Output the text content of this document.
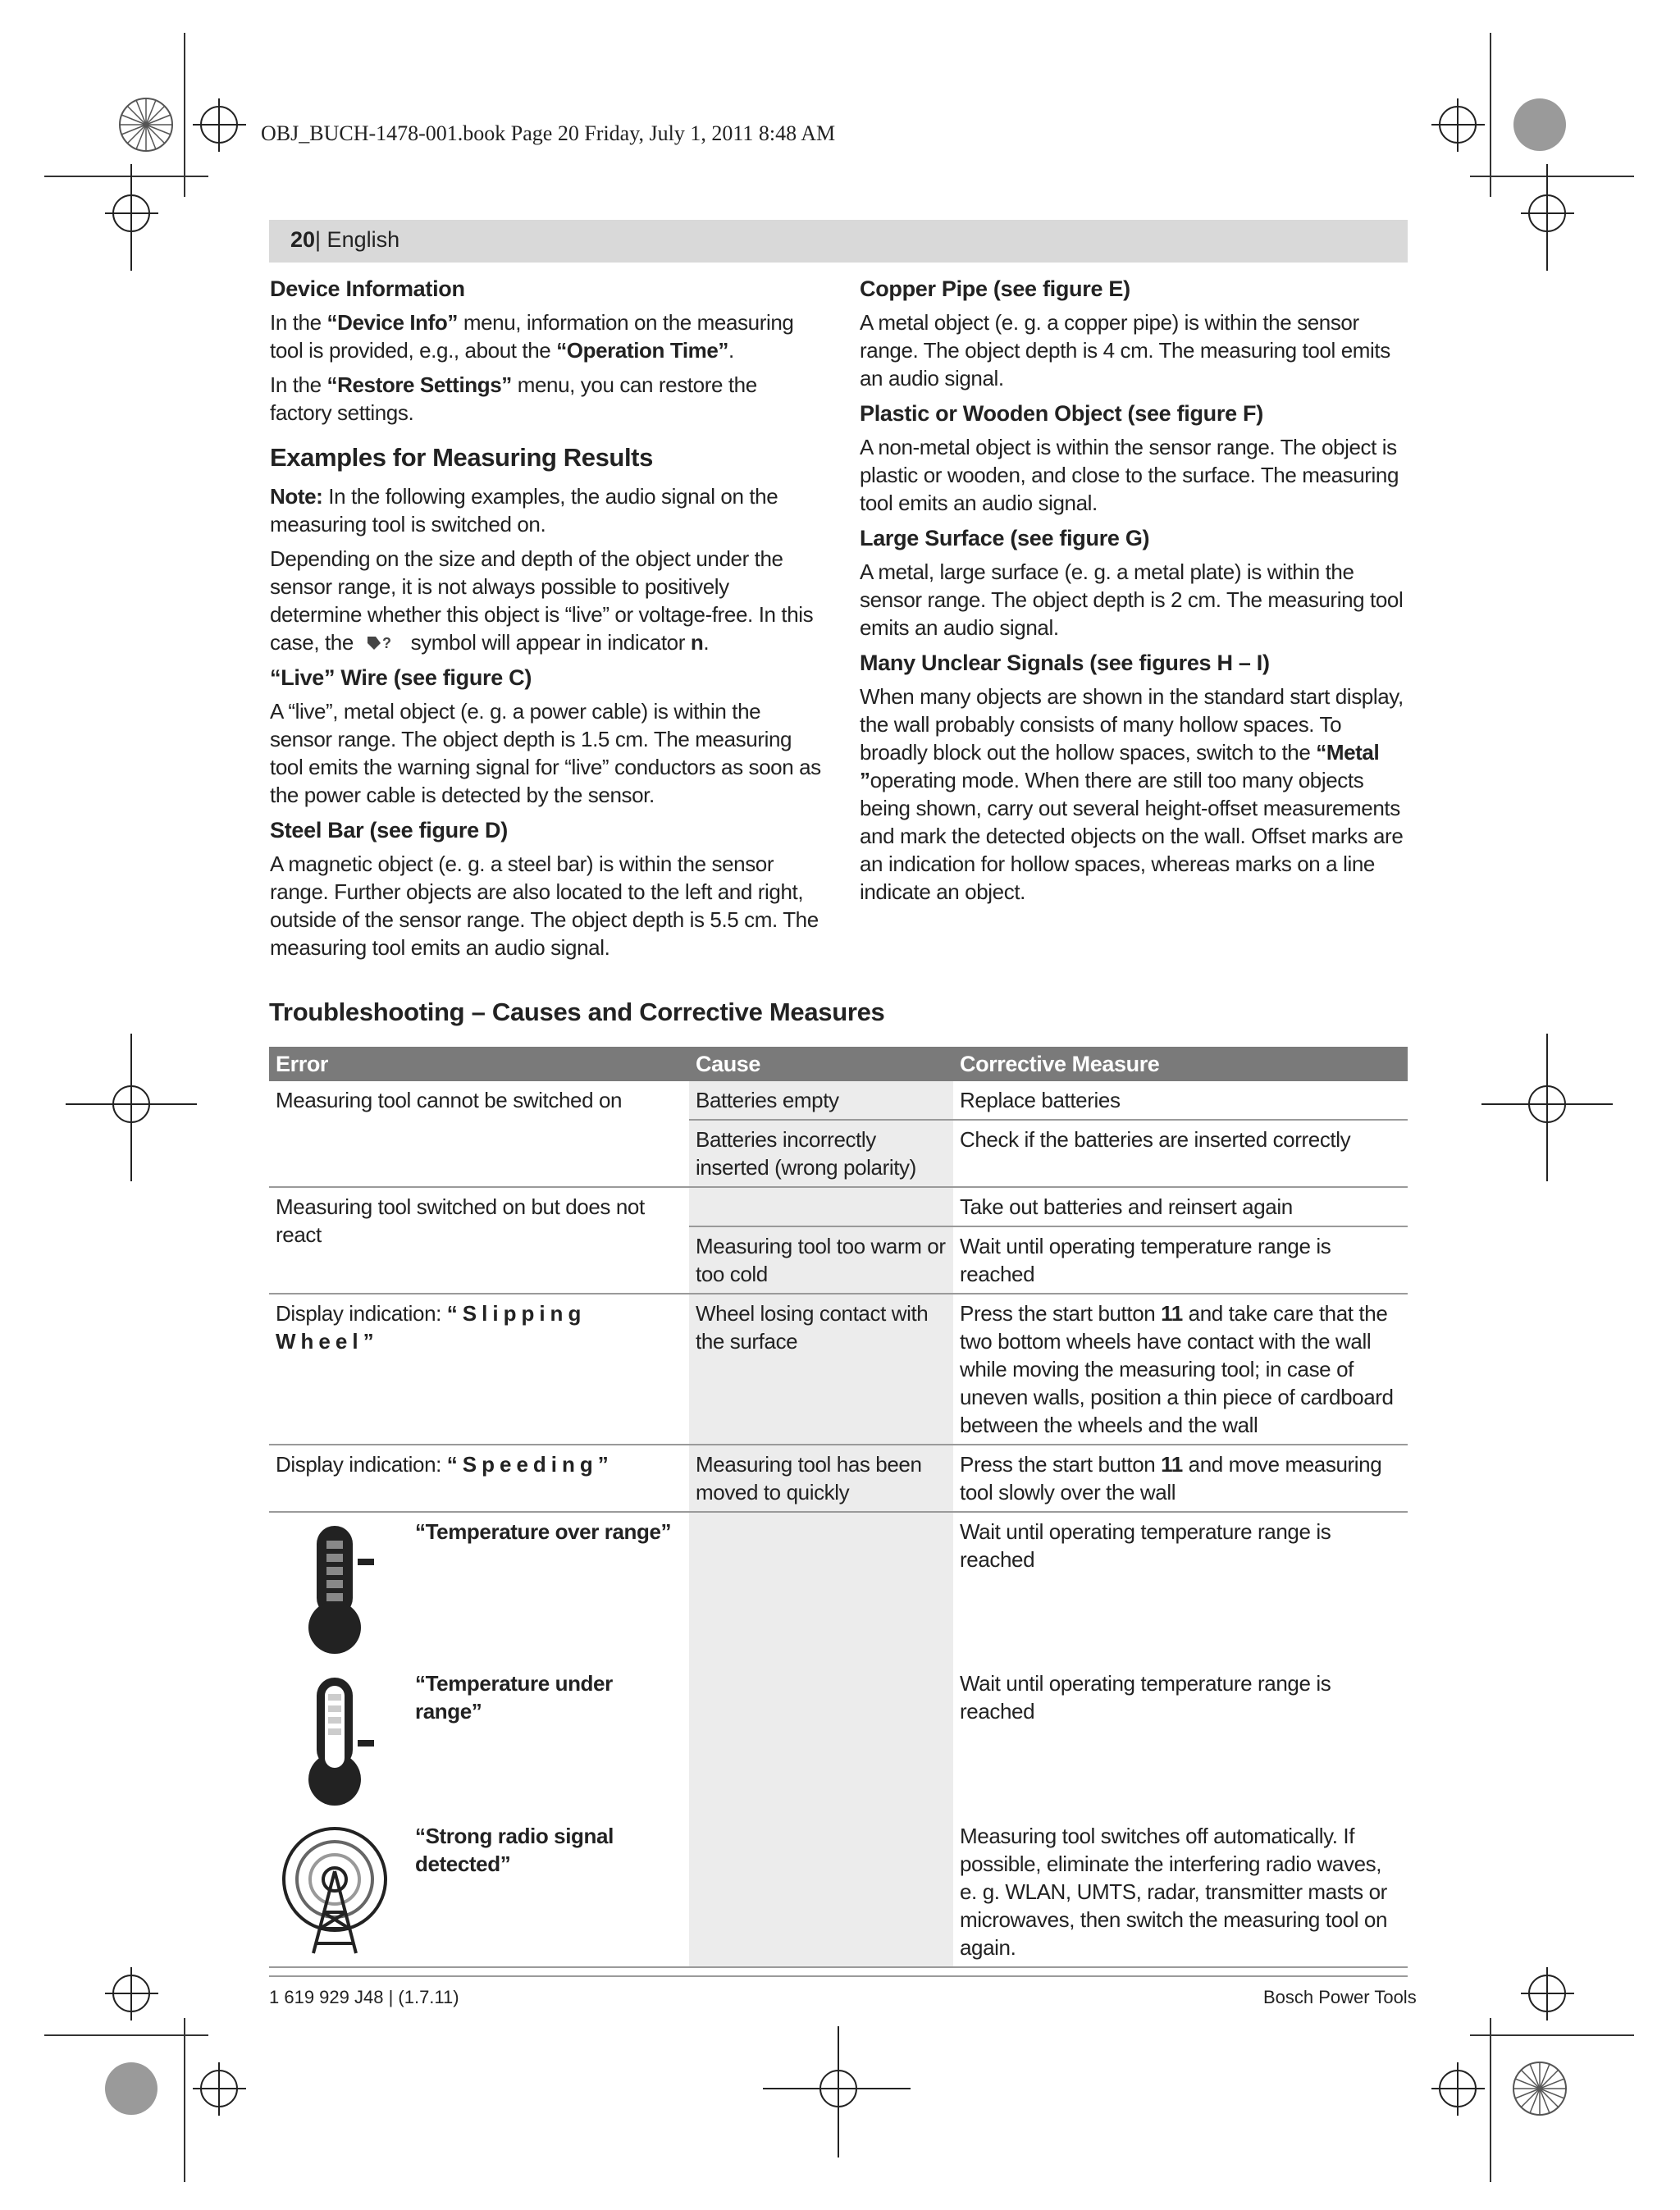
OBJ_BUCH-1478-001.book Page 20 Friday, July 1, 2011 8:48 AM
20| English
Device Information

In the “Device Info” menu, information on the measuring tool is provided, e.g., about the “Operation Time”.

In the “Restore Settings” menu, you can restore the factory settings.

Examples for Measuring Results

Note: In the following examples, the audio signal on the measuring tool is switched on.

Depending on the size and depth of the object under the sensor range, it is not always possible to positively determine whether this object is “live” or voltage-free. In this case, the ? symbol will appear in indicator n.

“Live” Wire (see figure C)

A “live”, metal object (e. g. a power cable) is within the sensor range. The object depth is 1.5 cm. The measuring tool emits the warning signal for “live” conductors as soon as the power cable is detected by the sensor.

Steel Bar (see figure D)

A magnetic object (e. g. a steel bar) is within the sensor range. Further objects are also located to the left and right, outside of the sensor range. The object depth is 5.5 cm. The measuring tool emits an audio signal.

Copper Pipe (see figure E)

A metal object (e. g. a copper pipe) is within the sensor range. The object depth is 4 cm. The measuring tool emits an audio signal.

Plastic or Wooden Object (see figure F)

A non-metal object is within the sensor range. The object is plastic or wooden, and close to the surface. The measuring tool emits an audio signal.

Large Surface (see figure G)

A metal, large surface (e. g. a metal plate) is within the sensor range. The object depth is 2 cm. The measuring tool emits an audio signal.

Many Unclear Signals (see figures H – I)

When many objects are shown in the standard start display, the wall probably consists of many hollow spaces. To broadly block out the hollow spaces, switch to the “Metal ”operating mode. When there are still too many objects being shown, carry out several height-offset measurements and mark the detected objects on the wall. Offset marks are an indication for hollow spaces, whereas marks on a line indicate an object.

Troubleshooting – Causes and Corrective Measures
Error	Cause	Corrective Measure
Measuring tool cannot be switched on	Batteries empty	Replace batteries
	Batteries incorrectly inserted (wrong polarity)	Check if the batteries are inserted correctly
Measuring tool switched on but does not react		Take out batteries and reinsert again
	Measuring tool too warm or too cold	Wait until operating temperature range is reached
Display indication: “Slipping Wheel”	Wheel losing contact with the surface	Press the start button 11 and take care that the two bottom wheels have contact with the wall while moving the measuring tool; in case of uneven walls, position a thin piece of cardboard between the wheels and the wall
Display indication: “Speeding”	Measuring tool has been moved to quickly	Press the start button 11 and move measuring tool slowly over the wall

“Temperature over range”		Wait until operating temperature range is reached

“Temperature under range”		Wait until operating temperature range is reached

“Strong radio signal detected”		Measuring tool switches off automatically. If possible, eliminate the interfering radio waves, e. g. WLAN, UMTS, radar, transmitter masts or microwaves, then switch the measuring tool on again.
1 619 929 J48 | (1.7.11)	Bosch Power Tools
